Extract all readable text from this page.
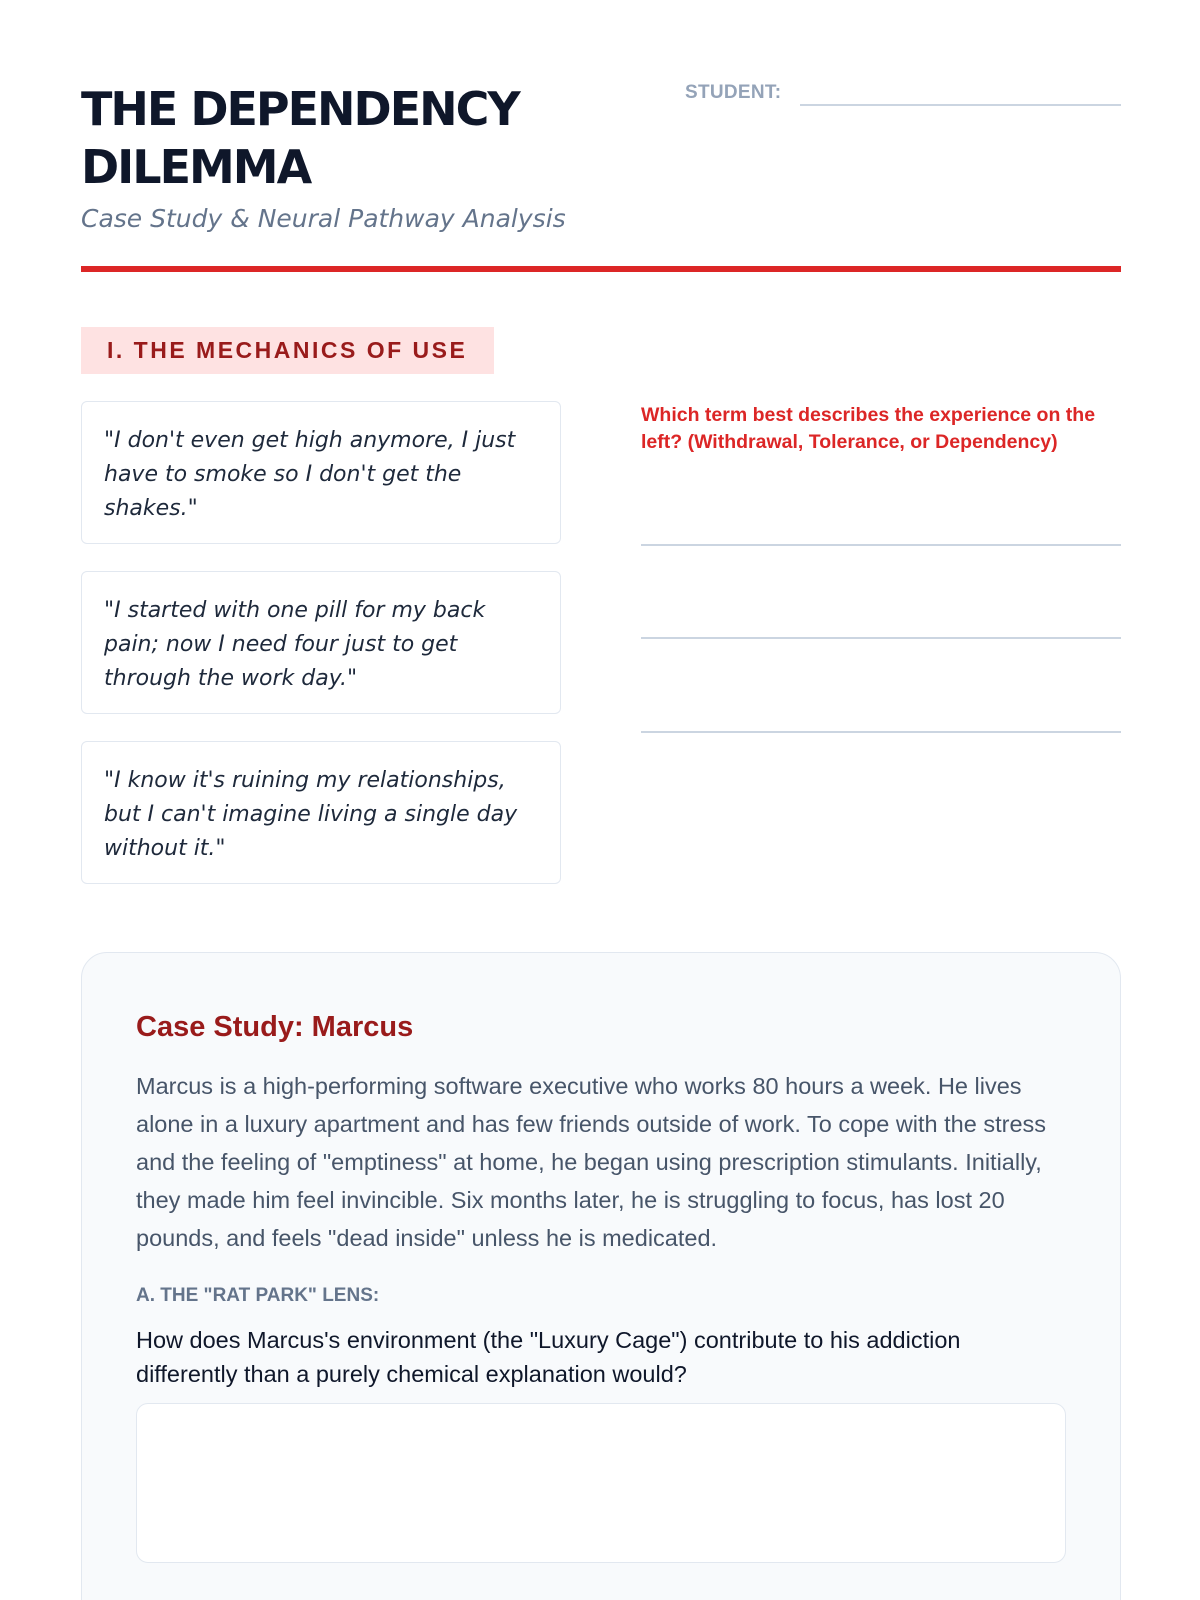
THE DEPENDENCY DILEMMA
Case Study & Neural Pathway Analysis
STUDENT:
I. THE MECHANICS OF USE
"I don't even get high anymore, I just have to smoke so I don't get the shakes."
"I started with one pill for my back pain; now I need four just to get through the work day."
"I know it's ruining my relationships, but I can't imagine living a single day without it."
Which term best describes the experience on the left? (Withdrawal, Tolerance, or Dependency)
Case Study: Marcus

Marcus is a high-performing software executive who works 80 hours a week. He lives alone in a luxury apartment and has few friends outside of work. To cope with the stress and the feeling of "emptiness" at home, he began using prescription stimulants. Initially, they made him feel invincible. Six months later, he is struggling to focus, has lost 20 pounds, and feels "dead inside" unless he is medicated.

A. THE "RAT PARK" LENS:
How does Marcus's environment (the "Luxury Cage") contribute to his addiction differently than a purely chemical explanation would?
